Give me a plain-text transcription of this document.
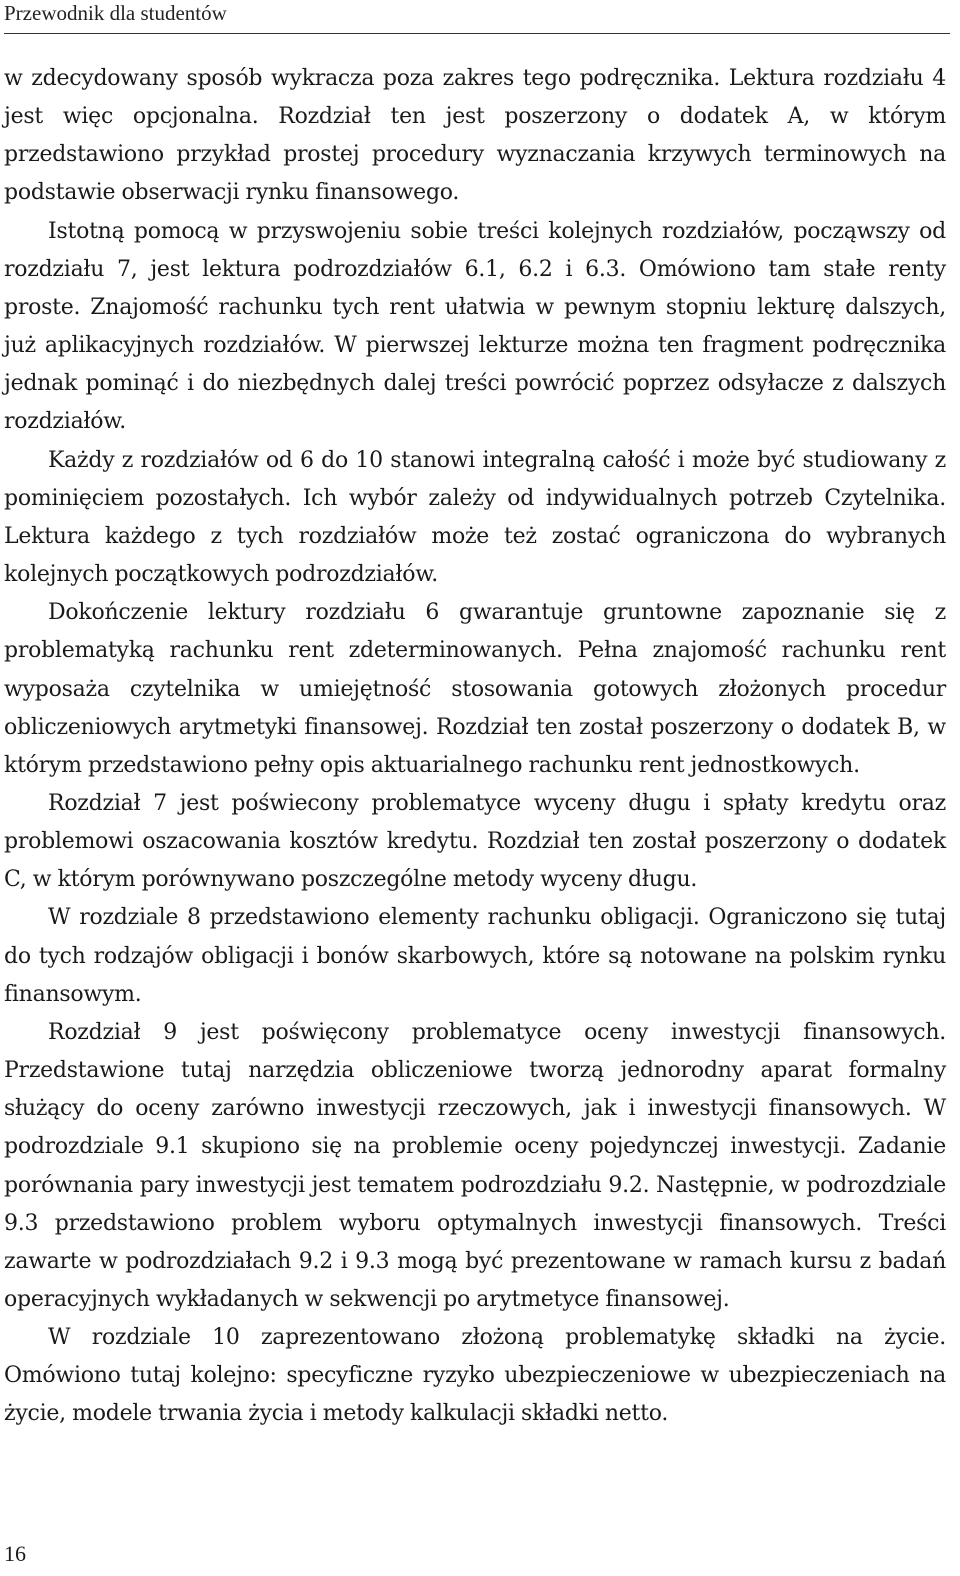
Przewodnik dla studentów

w zdecydowany sposób wykracza poza zakres tego podręcznika. Lektura rozdziału 4 jest więc opcjonalna. Rozdział ten jest poszerzony o dodatek A, w którym przedstawiono przykład prostej procedury wyznaczania krzywych terminowych na podstawie obserwacji rynku finansowego.

Istotną pomocą w przyswojeniu sobie treści kolejnych rozdziałów, począwszy od rozdziału 7, jest lektura podrozdziałów 6.1, 6.2 i 6.3. Omówiono tam stałe renty proste. Znajomość rachunku tych rent ułatwia w pewnym stopniu lekturę dalszych, już aplikacyjnych rozdziałów. W pierwszej lekturze można ten fragment podręcznika jednak pominąć i do niezbędnych dalej treści powrócić poprzez odsyłacze z dalszych rozdziałów.

Każdy z rozdziałów od 6 do 10 stanowi integralną całość i może być studiowany z pominięciem pozostałych. Ich wybór zależy od indywidualnych potrzeb Czytelnika. Lektura każdego z tych rozdziałów może też zostać ograniczona do wybranych kolejnych początkowych podrozdziałów.

Dokończenie lektury rozdziału 6 gwarantuje gruntowne zapoznanie się z problematyką rachunku rent zdeterminowanych. Pełna znajomość rachunku rent wyposaża czytelnika w umiejętność stosowania gotowych złożonych procedur obliczeniowych arytmetyki finansowej. Rozdział ten został poszerzony o dodatek B, w którym przedstawiono pełny opis aktuarialnego rachunku rent jednostkowych.

Rozdział 7 jest poświecony problematyce wyceny długu i spłaty kredytu oraz problemowi oszacowania kosztów kredytu. Rozdział ten został poszerzony o dodatek C, w którym porównywano poszczególne metody wyceny długu.

W rozdziale 8 przedstawiono elementy rachunku obligacji. Ograniczono się tutaj do tych rodzajów obligacji i bonów skarbowych, które są notowane na polskim rynku finansowym.

Rozdział 9 jest poświęcony problematyce oceny inwestycji finansowych. Przedstawione tutaj narzędzia obliczeniowe tworzą jednorodny aparat formalny służący do oceny zarówno inwestycji rzeczowych, jak i inwestycji finansowych. W podrozdziale 9.1 skupiono się na problemie oceny pojedynczej inwestycji. Zadanie porównania pary inwestycji jest tematem podrozdziału 9.2. Następnie, w podrozdziale 9.3 przedstawiono problem wyboru optymalnych inwestycji finansowych. Treści zawarte w podrozdziałach 9.2 i 9.3 mogą być prezentowane w ramach kursu z badań operacyjnych wykładanych w sekwencji po arytmetyce finansowej.

W rozdziale 10 zaprezentowano złożoną problematykę składki na życie. Omówiono tutaj kolejno: specyficzne ryzyko ubezpieczeniowe w ubezpieczeniach na życie, modele trwania życia i metody kalkulacji składki netto.

16
